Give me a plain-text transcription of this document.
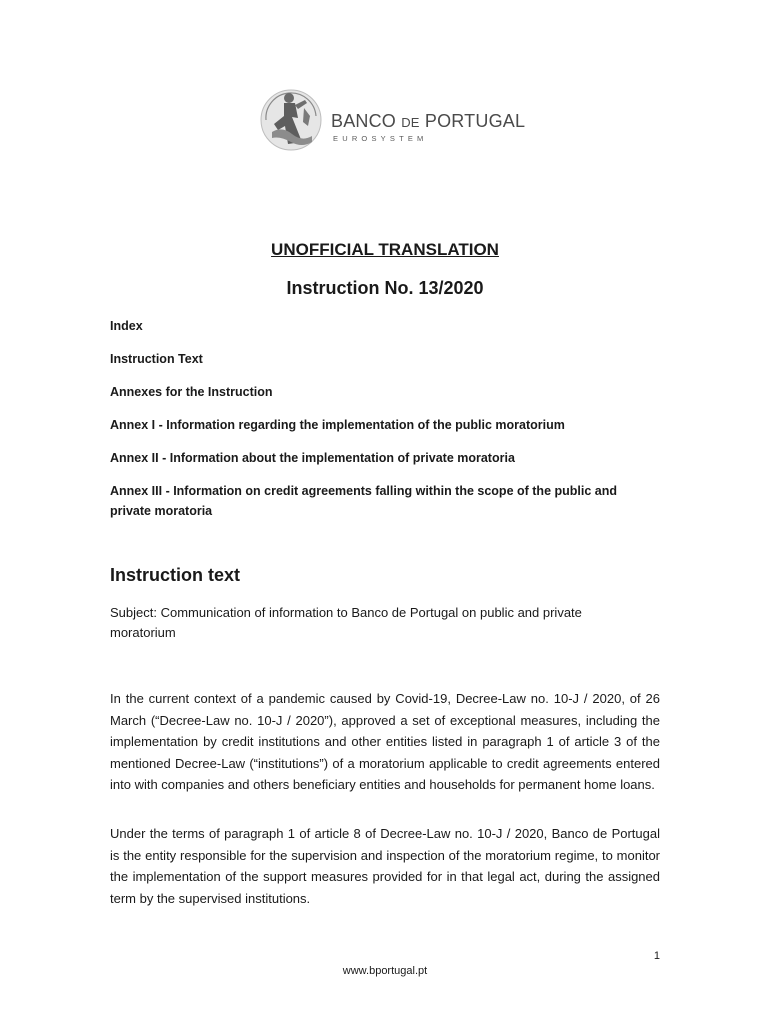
BANCO DE PORTUGAL
EUROSYSTEM
UNOFFICIAL TRANSLATION
Instruction No. 13/2020
Index
Instruction Text
Annexes for the Instruction
Annex I - Information regarding the implementation of the public moratorium
Annex II - Information about the implementation of private moratoria
Annex III - Information on credit agreements falling within the scope of the public and private moratoria
Instruction text

Subject: Communication of information to Banco de Portugal on public and private moratorium

In the current context of a pandemic caused by Covid-19, Decree-Law no. 10-J / 2020, of 26 March (“Decree-Law no. 10-J / 2020”), approved a set of exceptional measures, including the implementation by credit institutions and other entities listed in paragraph 1 of article 3 of the mentioned Decree-Law (“institutions”) of a moratorium applicable to credit agreements entered into with companies and others beneficiary entities and households for permanent home loans.

Under the terms of paragraph 1 of article 8 of Decree-Law no. 10-J / 2020, Banco de Portugal is the entity responsible for the supervision and inspection of the moratorium regime, to monitor the implementation of the support measures provided for in that legal act, during the assigned term by the supervised institutions.

1

www.bportugal.pt
